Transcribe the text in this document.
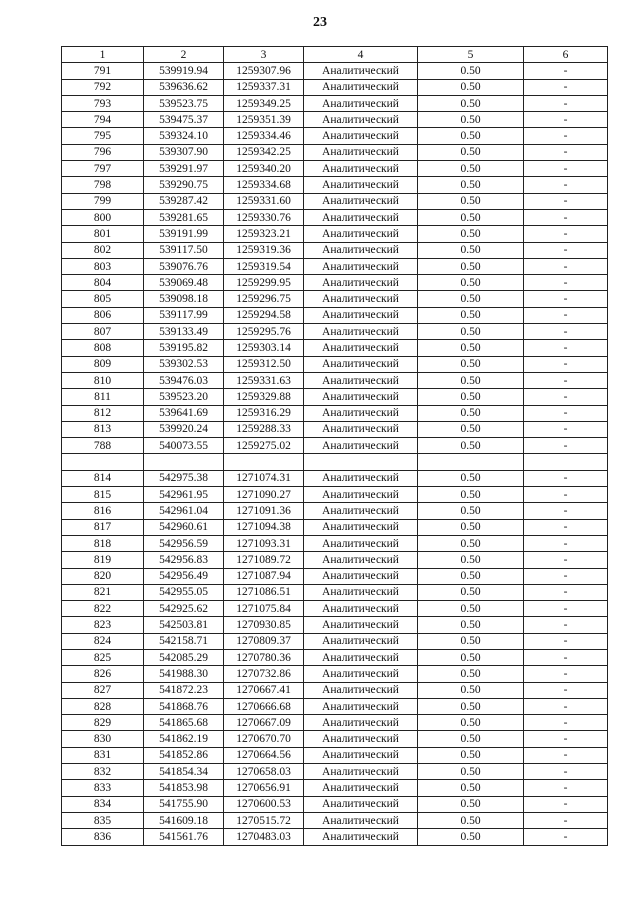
23
1	2	3	4	5	6
791	539919.94	1259307.96	Аналитический	0.50	-
792	539636.62	1259337.31	Аналитический	0.50	-
793	539523.75	1259349.25	Аналитический	0.50	-
794	539475.37	1259351.39	Аналитический	0.50	-
795	539324.10	1259334.46	Аналитический	0.50	-
796	539307.90	1259342.25	Аналитический	0.50	-
797	539291.97	1259340.20	Аналитический	0.50	-
798	539290.75	1259334.68	Аналитический	0.50	-
799	539287.42	1259331.60	Аналитический	0.50	-
800	539281.65	1259330.76	Аналитический	0.50	-
801	539191.99	1259323.21	Аналитический	0.50	-
802	539117.50	1259319.36	Аналитический	0.50	-
803	539076.76	1259319.54	Аналитический	0.50	-
804	539069.48	1259299.95	Аналитический	0.50	-
805	539098.18	1259296.75	Аналитический	0.50	-
806	539117.99	1259294.58	Аналитический	0.50	-
807	539133.49	1259295.76	Аналитический	0.50	-
808	539195.82	1259303.14	Аналитический	0.50	-
809	539302.53	1259312.50	Аналитический	0.50	-
810	539476.03	1259331.63	Аналитический	0.50	-
811	539523.20	1259329.88	Аналитический	0.50	-
812	539641.69	1259316.29	Аналитический	0.50	-
813	539920.24	1259288.33	Аналитический	0.50	-
788	540073.55	1259275.02	Аналитический	0.50	-

814	542975.38	1271074.31	Аналитический	0.50	-
815	542961.95	1271090.27	Аналитический	0.50	-
816	542961.04	1271091.36	Аналитический	0.50	-
817	542960.61	1271094.38	Аналитический	0.50	-
818	542956.59	1271093.31	Аналитический	0.50	-
819	542956.83	1271089.72	Аналитический	0.50	-
820	542956.49	1271087.94	Аналитический	0.50	-
821	542955.05	1271086.51	Аналитический	0.50	-
822	542925.62	1271075.84	Аналитический	0.50	-
823	542503.81	1270930.85	Аналитический	0.50	-
824	542158.71	1270809.37	Аналитический	0.50	-
825	542085.29	1270780.36	Аналитический	0.50	-
826	541988.30	1270732.86	Аналитический	0.50	-
827	541872.23	1270667.41	Аналитический	0.50	-
828	541868.76	1270666.68	Аналитический	0.50	-
829	541865.68	1270667.09	Аналитический	0.50	-
830	541862.19	1270670.70	Аналитический	0.50	-
831	541852.86	1270664.56	Аналитический	0.50	-
832	541854.34	1270658.03	Аналитический	0.50	-
833	541853.98	1270656.91	Аналитический	0.50	-
834	541755.90	1270600.53	Аналитический	0.50	-
835	541609.18	1270515.72	Аналитический	0.50	-
836	541561.76	1270483.03	Аналитический	0.50	-
